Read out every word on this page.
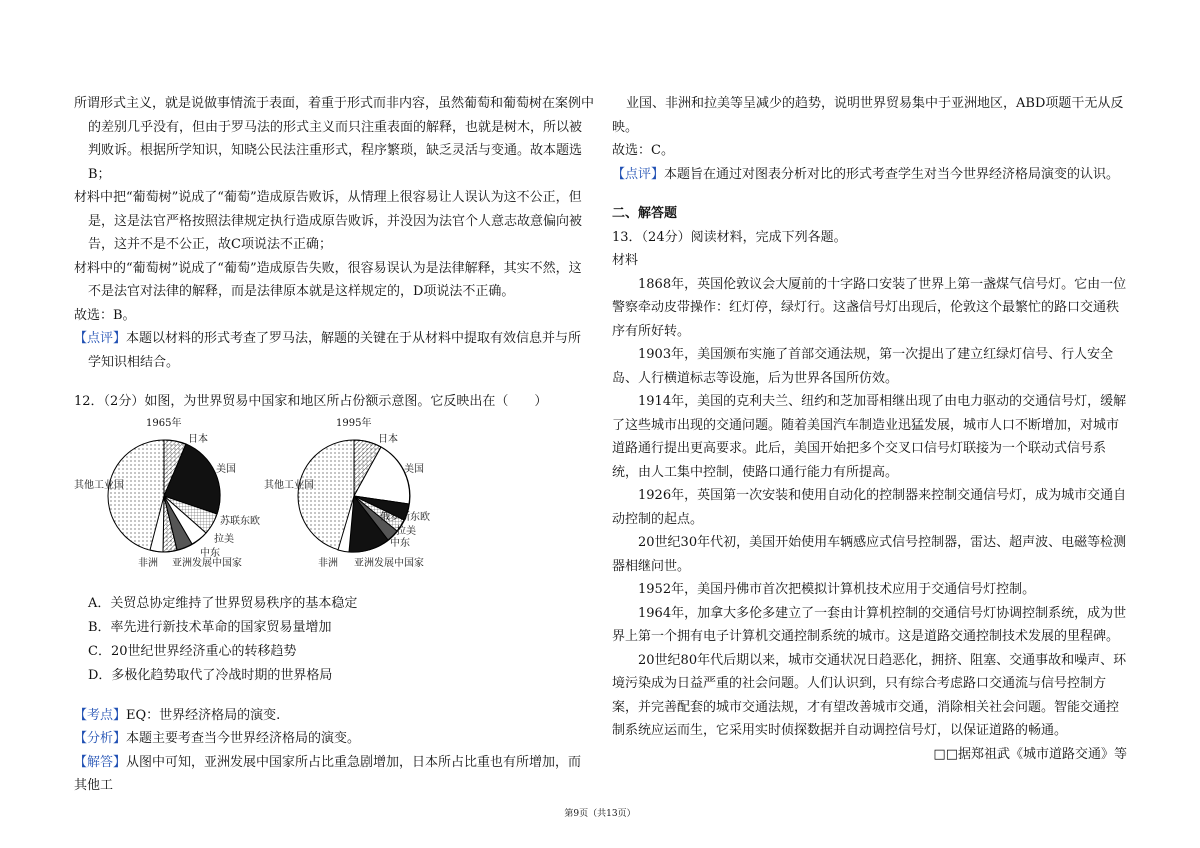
所谓形式主义，就是说做事情流于表面，着重于形式而非内容，虽然葡萄和葡萄树在案例中的差别几乎没有，但由于罗马法的形式主义而只注重表面的解释，也就是树木，所以被判败诉。根据所学知识，知晓公民法注重形式，程序繁琐，缺乏灵活与变通。故本题选B；

材料中把“葡萄树”说成了“葡萄”造成原告败诉，从情理上很容易让人误认为这不公正，但是，这是法官严格按照法律规定执行造成原告败诉，并没因为法官个人意志故意偏向被告，这并不是不公正，故C项说法不正确；

材料中的“葡萄树”说成了“葡萄”造成原告失败，很容易误认为是法律解释，其实不然，这不是法官对法律的解释，而是法律原本就是这样规定的，D项说法不正确。

故选：B。

【点评】本题以材料的形式考查了罗马法，解题的关键在于从材料中提取有效信息并与所学知识相结合。

12．（2分）如图，为世界贸易中国家和地区所占份额示意图。它反映出在（　　）

1965年
日本
美国
苏联东欧
拉美
中东
亚洲发展中国家
非洲
其他工业国
1995年
日本
美国
俄罗斯东欧
拉美
中东
亚洲发展中国家
非洲
其他工业国

A．关贸总协定维持了世界贸易秩序的基本稳定

B．率先进行新技术革命的国家贸易量增加

C．20世纪世界经济重心的转移趋势

D．多极化趋势取代了冷战时期的世界格局

【考点】EQ：世界经济格局的演变.

【分析】本题主要考查当今世界经济格局的演变。

【解答】从图中可知，亚洲发展中国家所占比重急剧增加，日本所占比重也有所增加，而其他工

业国、非洲和拉美等呈减少的趋势，说明世界贸易集中于亚洲地区，ABD项题干无从反映。

故选：C。

【点评】本题旨在通过对图表分析对比的形式考查学生对当今世界经济格局演变的认识。

二、解答题

13．（24分）阅读材料，完成下列各题。

材料

1868年，英国伦敦议会大厦前的十字路口安装了世界上第一盏煤气信号灯。它由一位警察牵动皮带操作：红灯停，绿灯行。这盏信号灯出现后，伦敦这个最繁忙的路口交通秩序有所好转。

1903年，美国颁布实施了首部交通法规，第一次提出了建立红绿灯信号、行人安全岛、人行横道标志等设施，后为世界各国所仿效。

1914年，美国的克利夫兰、纽约和芝加哥相继出现了由电力驱动的交通信号灯，缓解了这些城市出现的交通问题。随着美国汽车制造业迅猛发展，城市人口不断增加，对城市道路通行提出更高要求。此后，美国开始把多个交叉口信号灯联接为一个联动式信号系统，由人工集中控制，使路口通行能力有所提高。

1926年，英国第一次安装和使用自动化的控制器来控制交通信号灯，成为城市交通自动控制的起点。

20世纪30年代初，美国开始使用车辆感应式信号控制器，雷达、超声波、电磁等检测器相继问世。

1952年，美国丹佛市首次把模拟计算机技术应用于交通信号灯控制。

1964年，加拿大多伦多建立了一套由计算机控制的交通信号灯协调控制系统，成为世界上第一个拥有电子计算机交通控制系统的城市。这是道路交通控制技术发展的里程碑。

20世纪80年代后期以来，城市交通状况日趋恶化，拥挤、阻塞、交通事故和噪声、环境污染成为日益严重的社会问题。人们认识到，只有综合考虑路口交通流与信号控制方案，并完善配套的城市交通法规，才有望改善城市交通，消除相关社会问题。智能交通控制系统应运而生，它采用实时侦探数据并自动调控信号灯，以保证道路的畅通。

□□据郑祖武《城市道路交通》等

第9页（共13页）
